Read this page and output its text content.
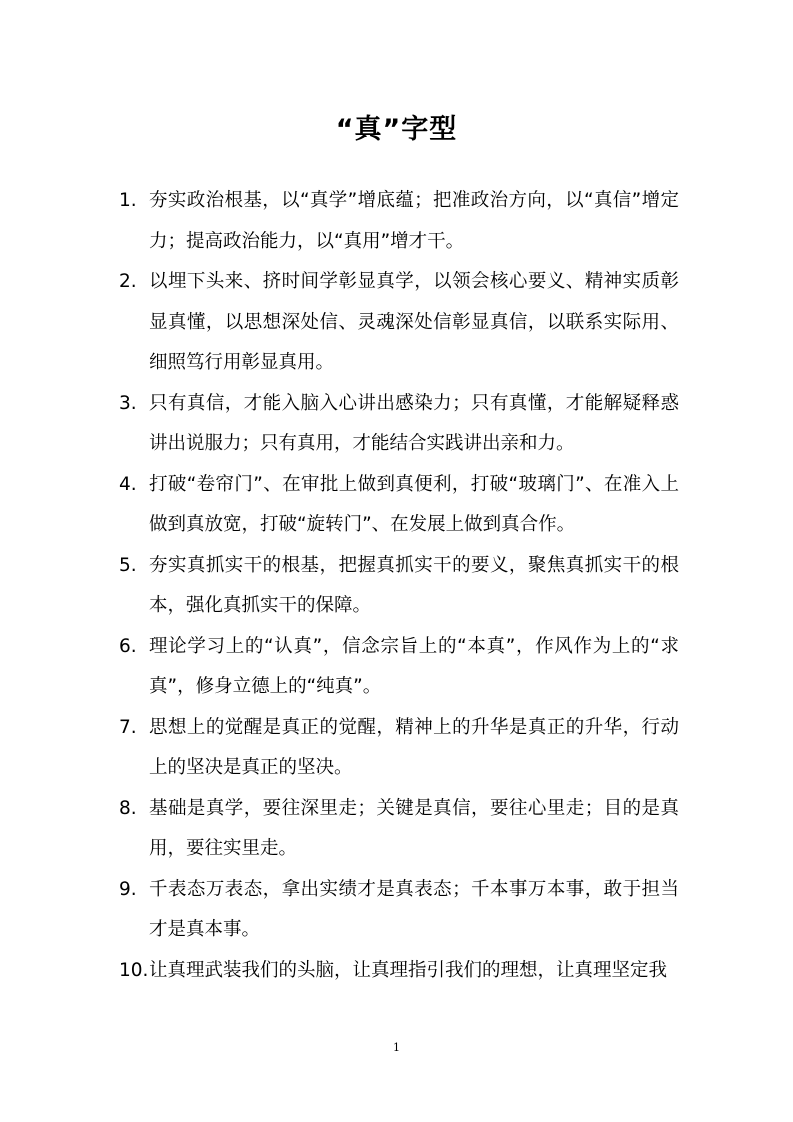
“真”字型
1. 夯实政治根基，以“真学”增底蕴；把准政治方向，以“真信”增定力；提高政治能力，以“真用”增才干。
2. 以埋下头来、挤时间学彰显真学，以领会核心要义、精神实质彰显真懂，以思想深处信、灵魂深处信彰显真信，以联系实际用、细照笃行用彰显真用。
3. 只有真信，才能入脑入心讲出感染力；只有真懂，才能解疑释惑讲出说服力；只有真用，才能结合实践讲出亲和力。
4. 打破“卷帘门”、在审批上做到真便利，打破“玻璃门”、在准入上做到真放宽，打破“旋转门”、在发展上做到真合作。
5. 夯实真抓实干的根基，把握真抓实干的要义，聚焦真抓实干的根本，强化真抓实干的保障。
6. 理论学习上的“认真”，信念宗旨上的“本真”，作风作为上的“求真”，修身立德上的“纯真”。
7. 思想上的觉醒是真正的觉醒，精神上的升华是真正的升华，行动上的坚决是真正的坚决。
8. 基础是真学，要往深里走；关键是真信，要往心里走；目的是真用，要往实里走。
9. 千表态万表态，拿出实绩才是真表态；千本事万本事，敢于担当才是真本事。
10. 让真理武装我们的头脑，让真理指引我们的理想，让真理坚定我
1
